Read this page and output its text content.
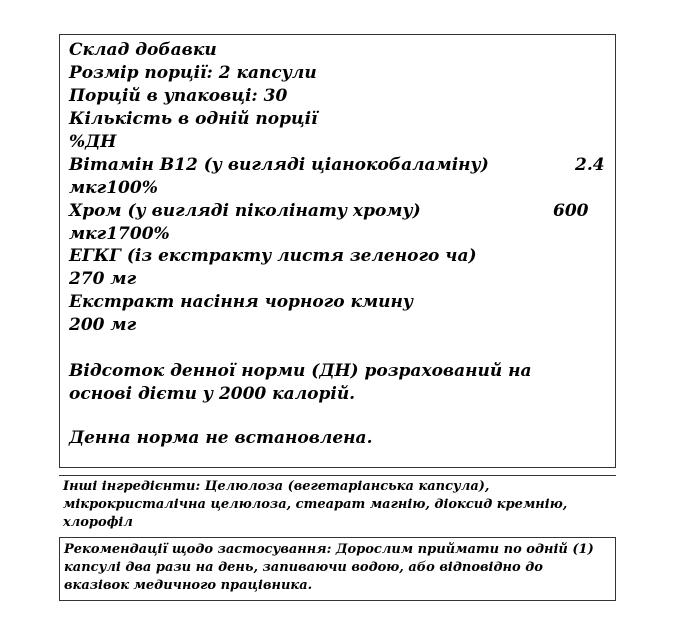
Склад добавки
Розмір порції: 2 капсули
Порцій в упаковці: 30
Кількість в одній порції
%ДН
Вітамін B12 (у вигляді ціанокобаламіну)	2.4
мкг100%
Хром (у вигляді піколінату хрому)	600
мкг1700%
ЕГКГ (із екстракту листя зеленого ча)
270 мг
Екстракт насіння чорного кмину
200 мг
Відсоток денної норми (ДН) розрахований на
основі дієти у 2000 калорій.
Денна норма не встановлена.
Інші інгредієнти: Целюлоза (вегетаріанська капсула), мікрокристалічна целюлоза, стеарат магнію, діоксид кремнію, хлорофіл
Рекомендації щодо застосування: Дорослим приймати по одній (1) капсулі два рази на день, запиваючи водою, або відповідно до вказівок медичного працівника.
